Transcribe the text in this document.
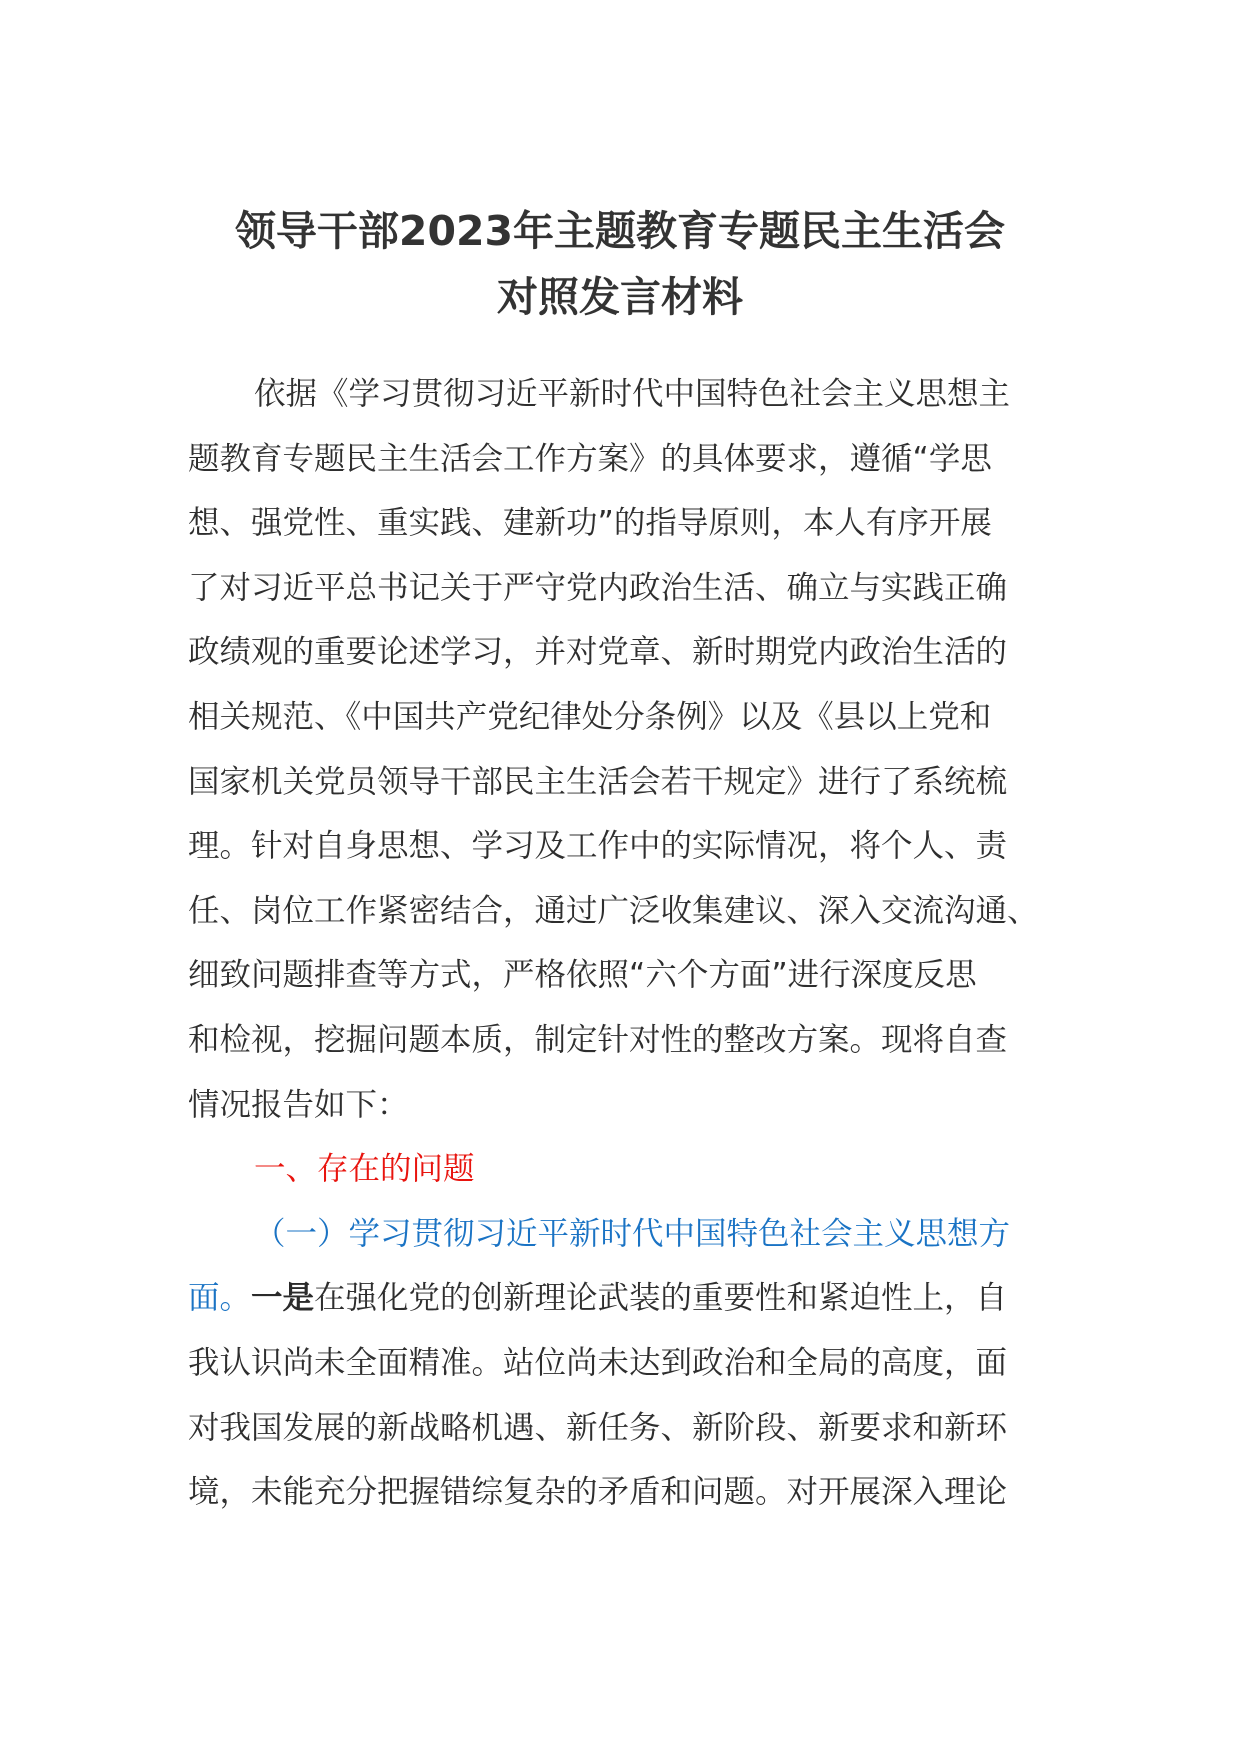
领导干部2023年主题教育专题民主生活会
对照发言材料
依据《学习贯彻习近平新时代中国特色社会主义思想主
题教育专题民主生活会工作方案》的具体要求，遵循“学思
想、强党性、重实践、建新功”的指导原则，本人有序开展
了对习近平总书记关于严守党内政治生活、确立与实践正确
政绩观的重要论述学习，并对党章、新时期党内政治生活的
相关规范、《中国共产党纪律处分条例》以及《县以上党和
国家机关党员领导干部民主生活会若干规定》进行了系统梳
理。针对自身思想、学习及工作中的实际情况，将个人、责
任、岗位工作紧密结合，通过广泛收集建议、深入交流沟通、
细致问题排查等方式，严格依照“六个方面”进行深度反思
和检视，挖掘问题本质，制定针对性的整改方案。现将自查
情况报告如下：
一、存在的问题
（一）学习贯彻习近平新时代中国特色社会主义思想方
面。一是在强化党的创新理论武装的重要性和紧迫性上，自
我认识尚未全面精准。站位尚未达到政治和全局的高度，面
对我国发展的新战略机遇、新任务、新阶段、新要求和新环
境，未能充分把握错综复杂的矛盾和问题。对开展深入理论
